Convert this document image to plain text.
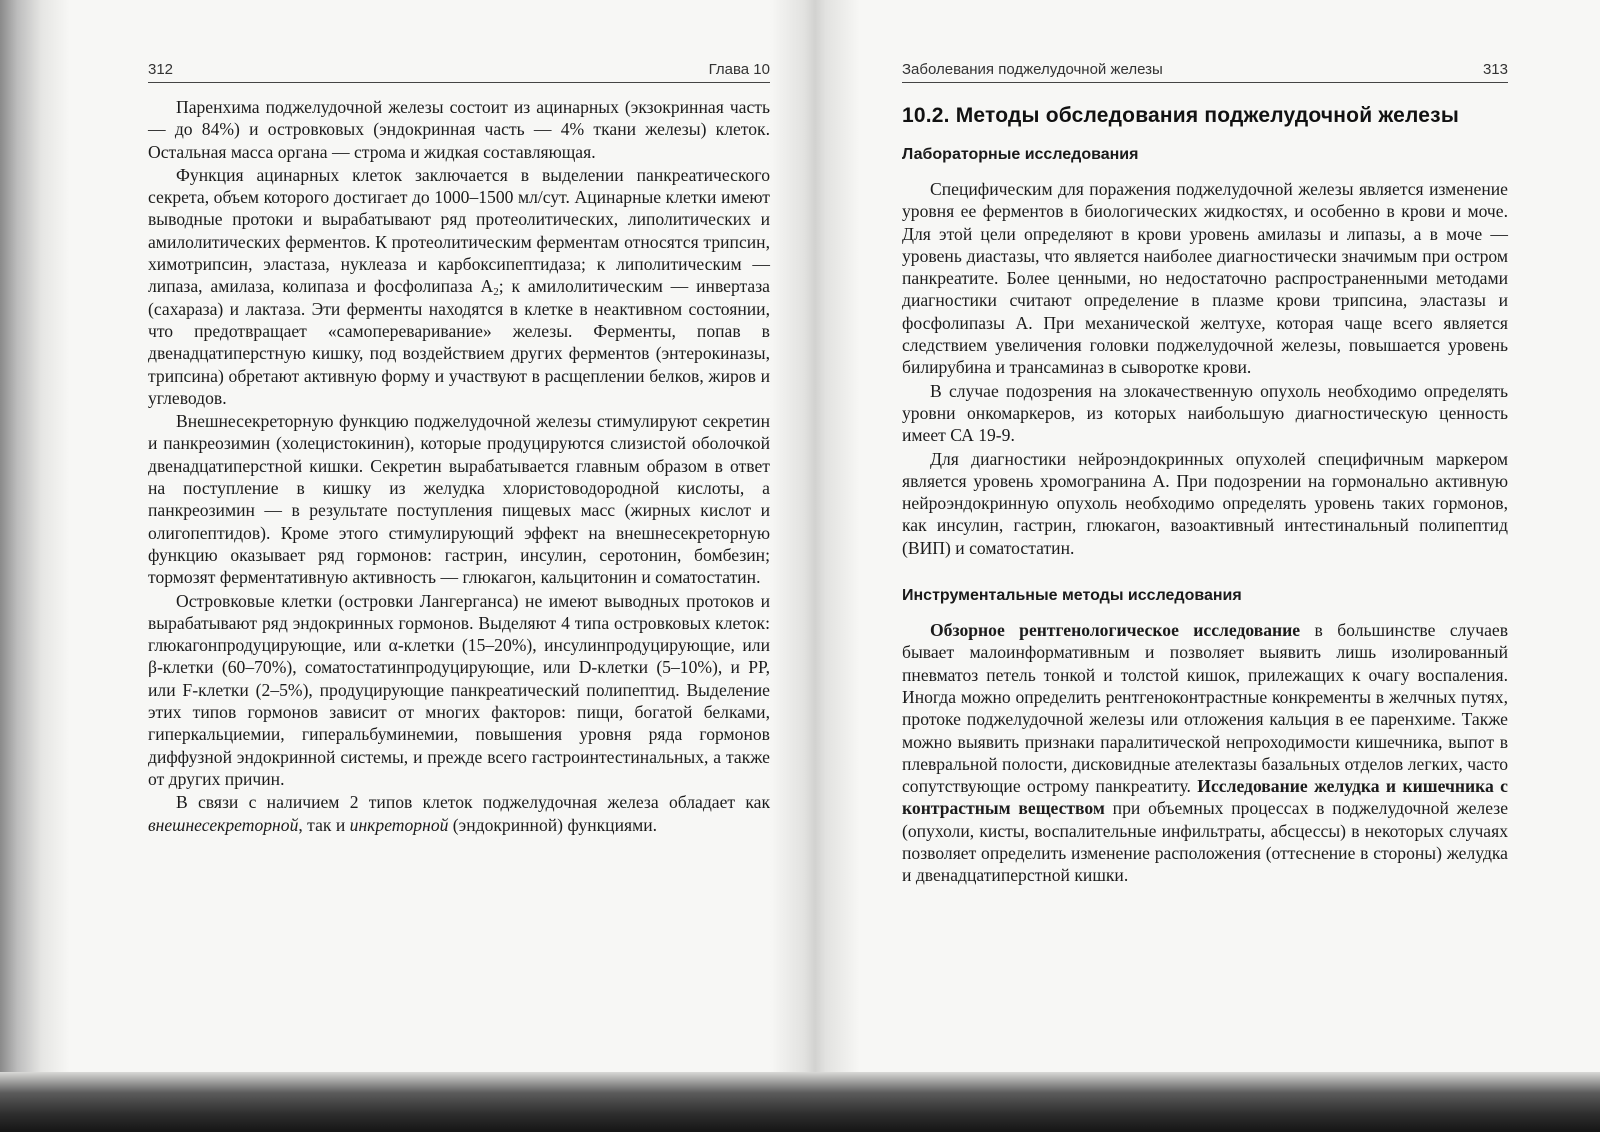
312	Глава 10

Паренхима поджелудочной железы состоит из ацинарных (экзокринная часть — до 84%) и островковых (эндокринная часть — 4% ткани железы) клеток. Остальная масса органа — строма и жидкая составляющая.

Функция ацинарных клеток заключается в выделении панкреатического секрета, объем которого достигает до 1000–1500 мл/сут. Ацинарные клетки имеют выводные протоки и вырабатывают ряд протеолитических, липолитических и амилолитических ферментов. К протеолитическим ферментам относятся трипсин, химотрипсин, эластаза, нуклеаза и карбоксипептидаза; к липолитическим — липаза, амилаза, колипаза и фосфолипаза $А_2$; к амилолитическим — инвертаза (сахараза) и лактаза. Эти ферменты находятся в клетке в неактивном состоянии, что предотвращает «самопереваривание» железы. Ферменты, попав в двенадцатиперстную кишку, под воздействием других ферментов (энтерокиназы, трипсина) обретают активную форму и участвуют в расщеплении белков, жиров и углеводов.

Внешнесекреторную функцию поджелудочной железы стимулируют секретин и панкреозимин (холецистокинин), которые продуцируются слизистой оболочкой двенадцатиперстной кишки. Секретин вырабатывается главным образом в ответ на поступление в кишку из желудка хлористоводородной кислоты, а панкреозимин — в результате поступления пищевых масс (жирных кислот и олигопептидов). Кроме этого стимулирующий эффект на внешнесекреторную функцию оказывает ряд гормонов: гастрин, инсулин, серотонин, бомбезин; тормозят ферментативную активность — глюкагон, кальцитонин и соматостатин.

Островковые клетки (островки Лангерганса) не имеют выводных протоков и вырабатывают ряд эндокринных гормонов. Выделяют 4 типа островковых клеток: глюкагонпродуцирующие, или α-клетки (15–20%), инсулинпродуцирующие, или β-клетки (60–70%), соматостатинпродуцирующие, или D-клетки (5–10%), и РР, или F-клетки (2–5%), продуцирующие панкреатический полипептид. Выделение этих типов гормонов зависит от многих факторов: пищи, богатой белками, гиперкальциемии, гиперальбуминемии, повышения уровня ряда гормонов диффузной эндокринной системы, и прежде всего гастроинтестинальных, а также от других причин.

В связи с наличием 2 типов клеток поджелудочная железа обладает как внешнесекреторной, так и инкреторной (эндокринной) функциями.

Заболевания поджелудочной железы	313
10.2. Методы обследования поджелудочной железы
Лабораторные исследования

Специфическим для поражения поджелудочной железы является изменение уровня ее ферментов в биологических жидкостях, и особенно в крови и моче. Для этой цели определяют в крови уровень амилазы и липазы, а в моче — уровень диастазы, что является наиболее диагностически значимым при остром панкреатите. Более ценными, но недостаточно распространенными методами диагностики считают определение в плазме крови трипсина, эластазы и фосфолипазы А. При механической желтухе, которая чаще всего является следствием увеличения головки поджелудочной железы, повышается уровень билирубина и трансаминаз в сыворотке крови.

В случае подозрения на злокачественную опухоль необходимо определять уровни онкомаркеров, из которых наибольшую диагностическую ценность имеет СА 19-9.

Для диагностики нейроэндокринных опухолей специфичным маркером является уровень хромогранина А. При подозрении на гормонально активную нейроэндокринную опухоль необходимо определять уровень таких гормонов, как инсулин, гастрин, глюкагон, вазоактивный интестинальный полипептид (ВИП) и соматостатин.

Инструментальные методы исследования

Обзорное рентгенологическое исследование в большинстве случаев бывает малоинформативным и позволяет выявить лишь изолированный пневматоз петель тонкой и толстой кишок, прилежащих к очагу воспаления. Иногда можно определить рентгеноконтрастные конкременты в желчных путях, протоке поджелудочной железы или отложения кальция в ее паренхиме. Также можно выявить признаки паралитической непроходимости кишечника, выпот в плевральной полости, дисковидные ателектазы базальных отделов легких, часто сопутствующие острому панкреатиту. Исследование желудка и кишечника с контрастным веществом при объемных процессах в поджелудочной железе (опухоли, кисты, воспалительные инфильтраты, абсцессы) в некоторых случаях позволяет определить изменение расположения (оттеснение в стороны) желудка и двенадцатиперстной кишки.
